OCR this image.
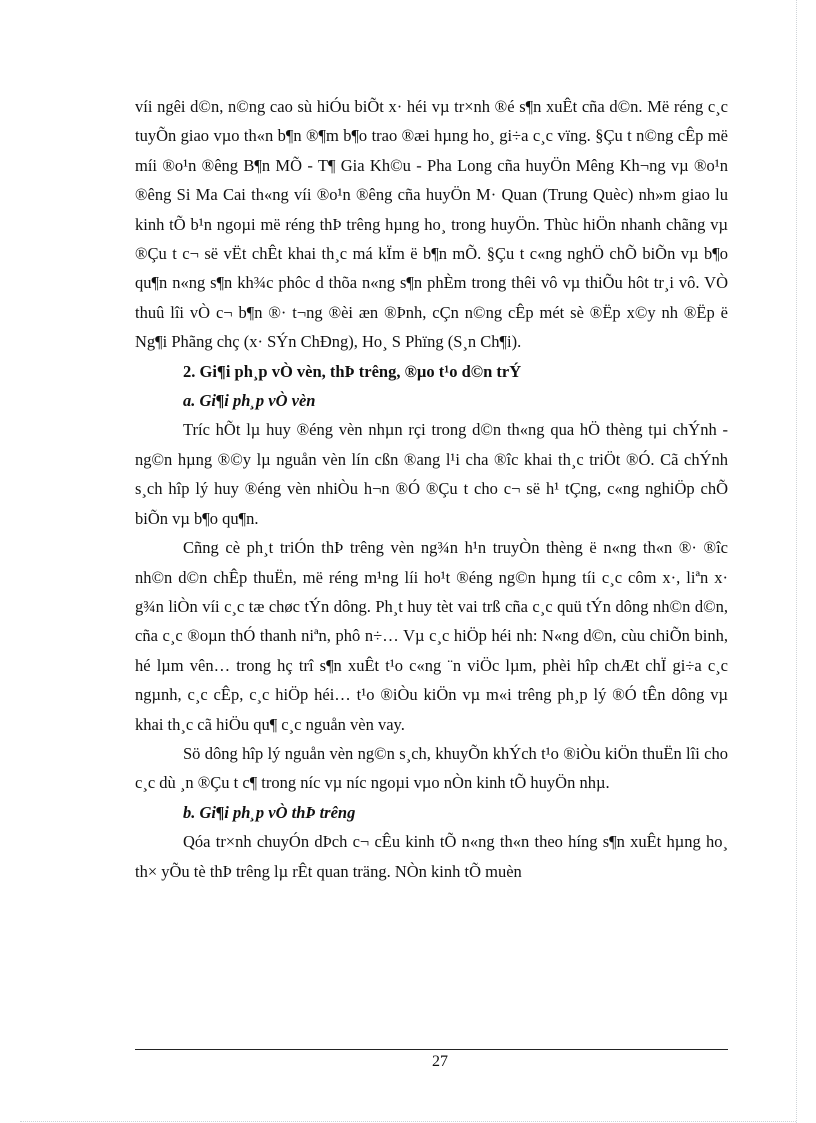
víi ngêi d©n, n©ng cao sù hiÓu biÕt x· héi vµ tr×nh ®é s¶n xuÊt cña d©n. Më réng c¸c tuyÕn giao vµo th«n b¶n ®¶m b¶o trao ®æi hµng ho¸ gi÷a c¸c vïng. §Çu t n©ng cÊp më míi ®o¹n ®êng B¶n MÕ - T¶ Gia Kh©u - Pha Long cña huyÖn Mêng Kh¬ng vµ ®o¹n ®êng Si Ma Cai th«ng víi ®o¹n ®êng cña huyÖn M· Quan (Trung Quèc) nh»m giao lu kinh tÕ b¹n ngoµi më réng thÞ trêng hµng ho¸ trong huyÖn. Thùc hiÖn nhanh chãng vµ ®Çu t c¬ së vËt chÊt khai th¸c má kÏm ë b¶n mÕ. §Çu t c«ng nghÖ chÕ biÕn vµ b¶o qu¶n n«ng s¶n kh¾c phôc d thõa n«ng s¶n phÈm trong thêi vô vµ thiÕu hôt tr¸i vô. VÒ thuû lîi vÒ c¬ b¶n ®· t¬ng ®èi æn ®Þnh, cÇn n©ng cÊp mét sè ®Ëp x©y nh ®Ëp ë Ng¶i Phãng chç (x· SÝn ChÐng), Ho¸ S Phïng (S¸n Ch¶i).

2. Gi¶i ph¸p vÒ vèn, thÞ trêng, ®µo t¹o d©n trÝ

a. Gi¶i ph¸p vÒ vèn

Tríc hÕt lµ huy ®éng vèn nhµn rçi trong d©n th«ng qua hÖ thèng tµi chÝnh - ng©n hµng ®©y lµ nguån vèn lín cßn ®ang l¹i cha ®îc khai th¸c triÖt ®Ó. Cã chÝnh s¸ch hîp lý huy ®éng vèn nhiÒu h¬n ®Ó ®Çu t cho c¬ së h¹ tÇng, c«ng nghiÖp chÕ biÕn vµ b¶o qu¶n.

Cñng cè ph¸t triÓn thÞ trêng vèn ng¾n h¹n truyÒn thèng ë n«ng th«n ®· ®îc nh©n d©n chÊp thuËn, më réng m¹ng líi ho¹t ®éng ng©n hµng tíi c¸c côm x·, liªn x· g¾n liÒn víi c¸c tæ chøc tÝn dông. Ph¸t huy tèt vai trß cña c¸c quü tÝn dông nh©n d©n, cña c¸c ®oµn thÓ thanh niªn, phô n÷… Vµ c¸c hiÖp héi nh: N«ng d©n, cùu chiÕn binh, hé lµm vên… trong hç trî s¶n xuÊt t¹o c«ng ¨n viÖc lµm, phèi hîp chÆt chÏ gi÷a c¸c ngµnh, c¸c cÊp, c¸c hiÖp héi… t¹o ®iÒu kiÖn vµ m«i trêng ph¸p lý ®Ó tÊn dông vµ khai th¸c cã hiÖu qu¶ c¸c nguån vèn vay.

Sö dông hîp lý nguån vèn ng©n s¸ch, khuyÕn khÝch t¹o ®iÒu kiÖn thuËn lîi cho c¸c dù ¸n ®Çu t c¶ trong níc vµ níc ngoµi vµo nÒn kinh tÕ huyÖn nhµ.

b. Gi¶i ph¸p vÒ thÞ trêng

Qóa tr×nh chuyÓn dÞch c¬ cÊu kinh tÕ n«ng th«n theo híng s¶n xuÊt hµng ho¸ th× yÕu tè thÞ trêng lµ rÊt quan träng. NÒn kinh tÕ muèn

27
